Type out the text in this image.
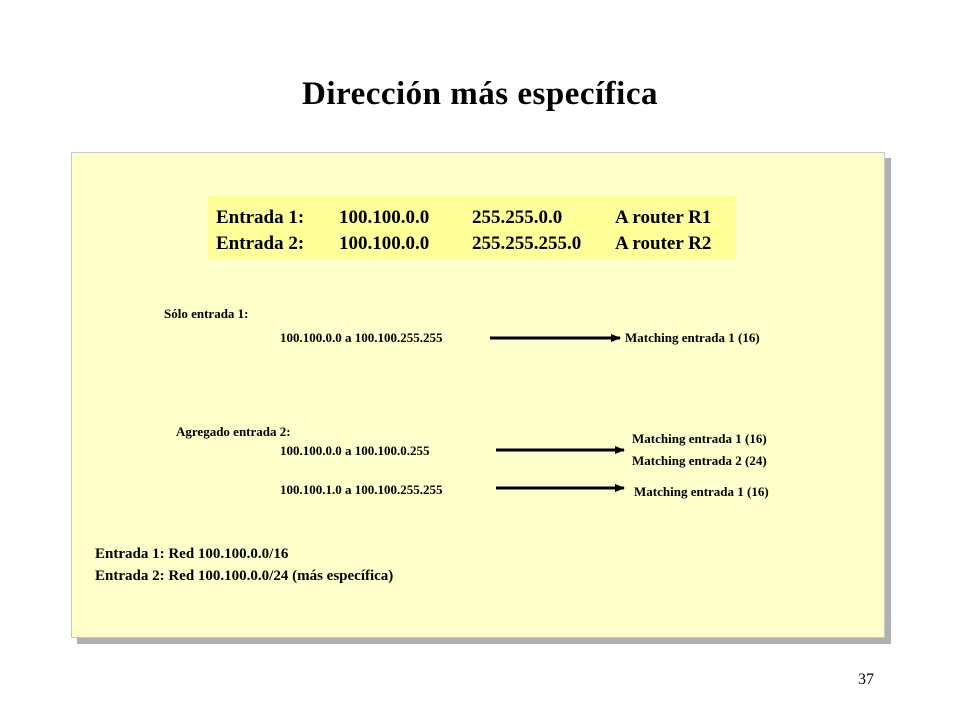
Dirección más específica
Entrada 1: 100.100.0.0 255.255.0.0	A router R1
Entrada 2: 100.100.0.0 255.255.255.0 A router R2
Sólo entrada 1:
100.100.0.0 a 100.100.255.255	Matching entrada 1 (16)
Agregado entrada 2:
100.100.0.0 a 100.100.0.255
Matching entrada 1 (16)
Matching entrada 2 (24)
100.100.1.0 a 100.100.255.255	Matching entrada 1 (16)
Entrada 1: Red 100.100.0.0/16
Entrada 2: Red 100.100.0.0/24 (más específica)
37
